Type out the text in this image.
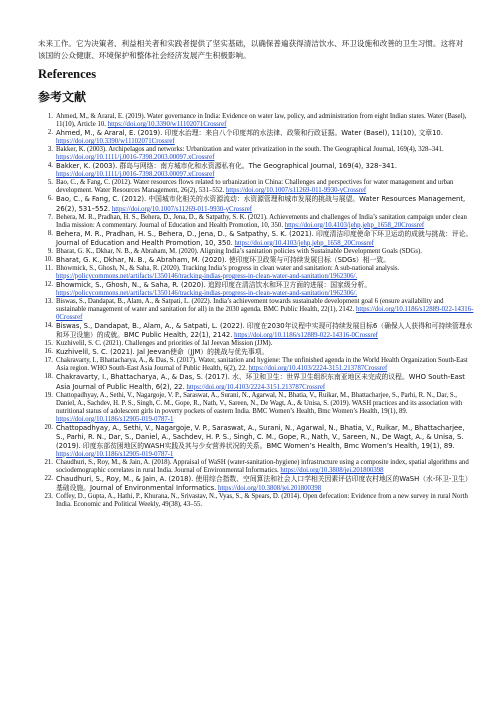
未来工作。它为决策者、利益相关者和实践者提供了坚实基础，以确保普遍获得清洁饮水、环卫设施和改善的卫生习惯。这将对该国的公众健康、环境保护和整体社会经济发展产生积极影响。

References
参考文献
1. Ahmed, M., & Araral, E. (2019). Water governance in India: Evidence on water law, policy, and administration from eight Indian states. Water (Basel), 11(10), Article 10. https://doi.org/10.3390/w11102071Crossref
2. Ahmed, M., & Araral, E. (2019). 印度水治理：来自八个印度邦的水法律、政策和行政证据。Water (Basel), 11(10), 文章10. https://doi.org/10.3390/w11102071Crossref
3. Bakker, K. (2003). Archipelagos and networks: Urbanization and water privatization in the south. The Geographical Journal, 169(4), 328–341. https://doi.org/10.1111/j.0016-7398.2003.00097.xCrossref
4. Bakker, K. (2003). 群岛与网络：南方城市化和水资源私有化。The Geographical Journal, 169(4), 328–341. https://doi.org/10.1111/j.0016-7398.2003.00097.xCrossref
5. Bao, C., & Fang, C. (2012). Water resources flows related to urbanization in China: Challenges and perspectives for water management and urban development. Water Resources Management, 26(2), 531–552. https://doi.org/10.1007/s11269-011-9930-yCrossref
6. Bao, C., & Fang, C. (2012). 中国城市化相关的水资源流动：水资源管理和城市发展的挑战与展望。Water Resources Management, 26(2), 531–552. https://doi.org/10.1007/s11269-011-9930-yCrossref
7. Behera, M. R., Pradhan, H. S., Behera, D., Jena, D., & Satpathy, S. K. (2021). Achievements and challenges of India’s sanitation campaign under clean India mission: A commentary. Journal of Education and Health Promotion, 10, 350. https://doi.org/10.4103/jehp.jehp_1658_20Crossref
8. Behera, M. R., Pradhan, H. S., Behera, D., Jena, D., & Satpathy, S. K. (2021). 印度清洁印度使命下环卫运动的成就与挑战：评论。Journal of Education and Health Promotion, 10, 350. https://doi.org/10.4103/jehp.jehp_1658_20Crossref
9. Bharat, G. K., Dkhar, N. B., & Abraham, M. (2020). Aligning India’s sanitation policies with Sustainable Development Goals (SDGs).
10. Bharat, G. K., Dkhar, N. B., & Abraham, M. (2020). 使印度环卫政策与可持续发展目标（SDGs）相一致。
11. Bhowmick, S., Ghosh, N., & Saha, R. (2020). Tracking India’s progress in clean water and sanitation: A sub-national analysis. https://policycommons.net/artifacts/1350146/tracking-indias-progress-in-clean-water-and-sanitation/1962306/.
12. Bhowmick, S., Ghosh, N., & Saha, R. (2020). 追踪印度在清洁饮水和环卫方面的进展：国家级分析。 https://policycommons.net/artifacts/1350146/tracking-indias-progress-in-clean-water-and-sanitation/1962306/.
13. Biswas, S., Dandapat, B., Alam, A., & Satpati, L. (2022). India’s achievement towards sustainable development goal 6 (ensure availability and sustainable management of water and sanitation for all) in the 2030 agenda. BMC Public Health, 22(1), 2142. https://doi.org/10.1186/s12889-022-14316-0Crossref
14. Biswas, S., Dandapat, B., Alam, A., & Satpati, L. (2022). 印度在2030年议程中实现可持续发展目标6（确保人人获得和可持续管理水和环卫设施）的成就。BMC Public Health, 22(1), 2142. https://doi.org/10.1186/s12889-022-14316-0Crossref
15. Kuzhivelil, S. C. (2021). Challenges and priorities of Jal Jeevan Mission (JJM).
16. Kuzhivelil, S. C. (2021). Jal Jeevan使命（JJM）的挑战与优先事项。
17. Chakravarty, I., Bhattacharya, A., & Das, S. (2017). Water, sanitation and hygiene: The unfinished agenda in the World Health Organization South-East Asia region. WHO South-East Asia Journal of Public Health, 6(2), 22. https://doi.org/10.4103/2224-3151.213787Crossref
18. Chakravarty, I., Bhattacharya, A., & Das, S. (2017). 水、环卫和卫生：世界卫生组织东南亚地区未完成的议程。WHO South-East Asia Journal of Public Health, 6(2), 22. https://doi.org/10.4103/2224-3151.213787Crossref
19. Chattopadhyay, A., Sethi, V., Nagargoje, V. P., Saraswat, A., Surani, N., Agarwal, N., Bhatia, V., Ruikar, M., Bhattacharjee, S., Parhi, R. N., Dar, S., Daniel, A., Sachdev, H. P. S., Singh, C. M., Gope, R., Nath, V., Sareen, N., De Wagt, A., & Unisa, S. (2019). WASH practices and its association with nutritional status of adolescent girls in poverty pockets of eastern India. BMC Women’s Health, Bmc Women’s Health, 19(1), 89. https://doi.org/10.1186/s12905-019-0787-1
20. Chattopadhyay, A., Sethi, V., Nagargoje, V. P., Saraswat, A., Surani, N., Agarwal, N., Bhatia, V., Ruikar, M., Bhattacharjee, S., Parhi, R. N., Dar, S., Daniel, A., Sachdev, H. P. S., Singh, C. M., Gope, R., Nath, V., Sareen, N., De Wagt, A., & Unisa, S. (2019). 印度东部贫困地区的WASH实践及其与少女营养状况的关系。BMC Women’s Health, Bmc Women’s Health, 19(1), 89. https://doi.org/10.1186/s12905-019-0787-1
21. Chaudhuri, S., Roy, M., & Jain, A. (2018). Appraisal of WaSH (water-sanitation-hygiene) infrastructure using a composite index, spatial algorithms and sociodemographic correlates in rural India. Journal of Environmental Informatics. https://doi.org/10.3808/jei.201800398
22. Chaudhuri, S., Roy, M., & Jain, A. (2018). 使用综合指数、空间算法和社会人口学相关因素评估印度农村地区的WaSH（水-环卫-卫生）基础设施。Journal of Environmental Informatics. https://doi.org/10.3808/jei.201800398
23. Coffey, D., Gupta, A., Hathi, P., Khurana, N., Srivastav, N., Vyas, S., & Spears, D. (2014). Open defecation: Evidence from a new survey in rural North India. Economic and Political Weekly, 49(38), 43–55.
